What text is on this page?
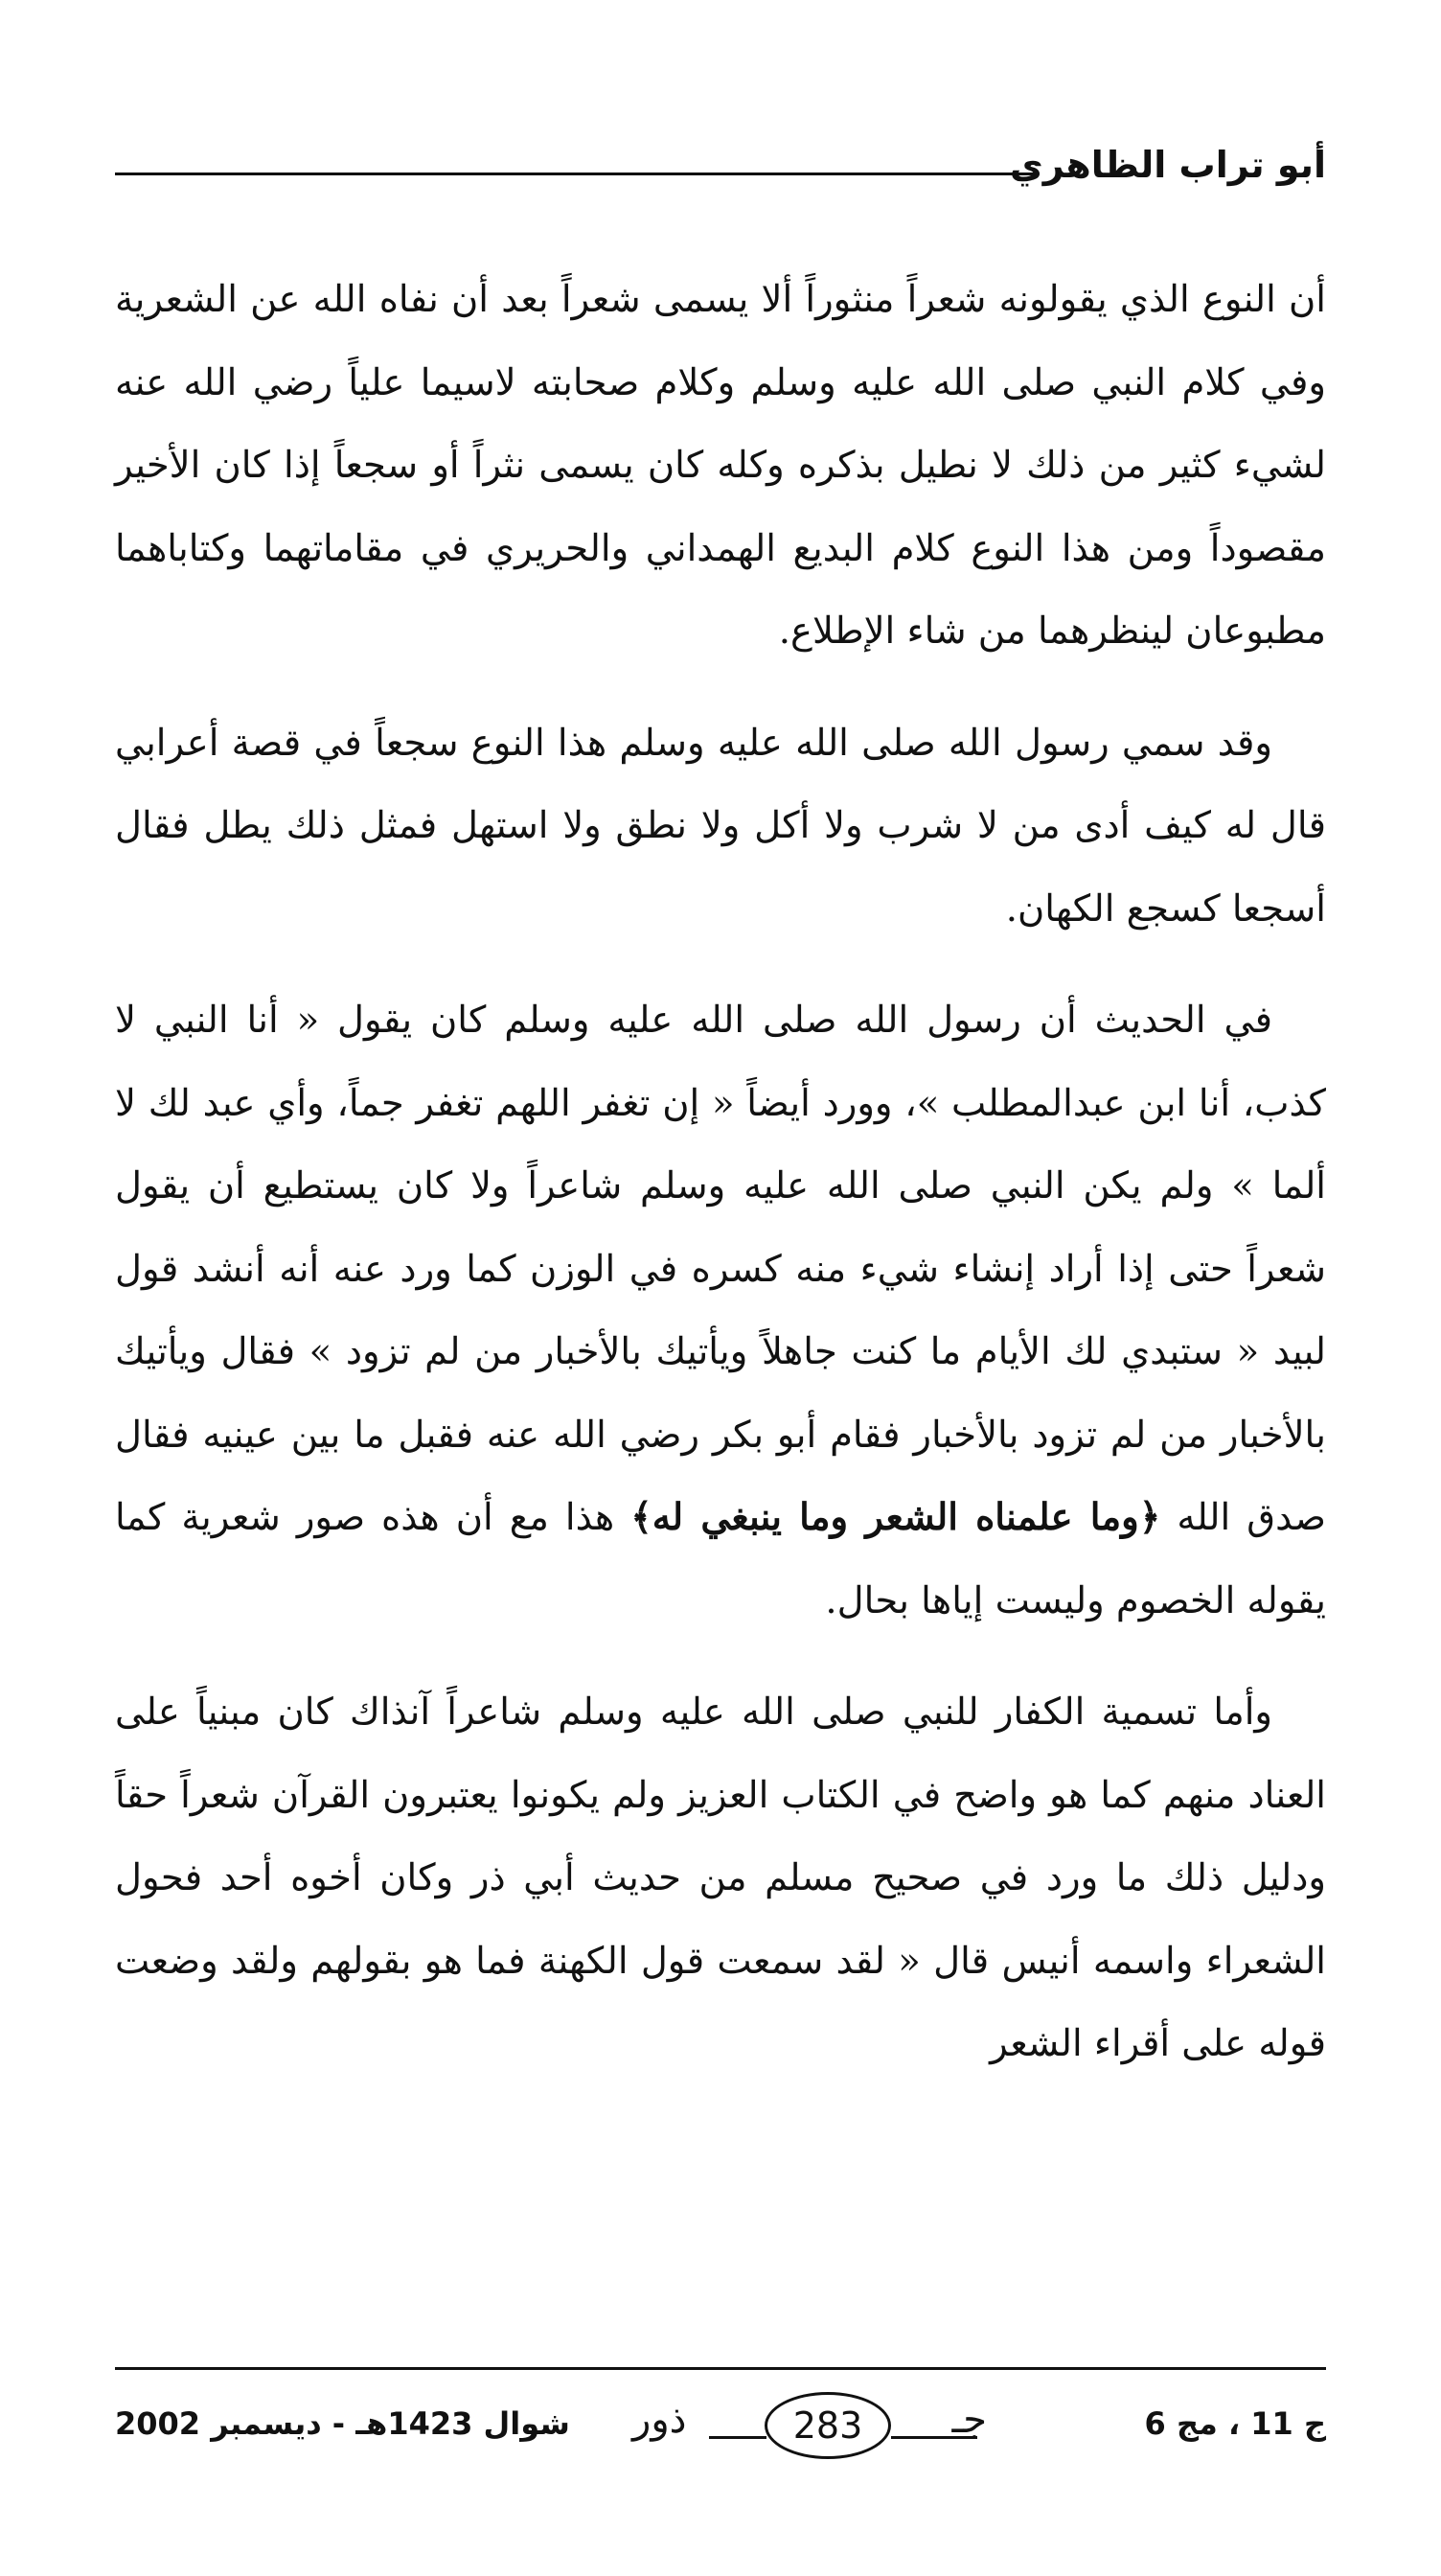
أبو تراب الظاهري

أن النوع الذي يقولونه شعراً منثوراً ألا يسمى شعراً بعد أن نفاه الله عن الشعرية وفي كلام النبي صلى الله عليه وسلم وكلام صحابته لاسيما علياً رضي الله عنه لشيء كثير من ذلك لا نطيل بذكره وكله كان يسمى نثراً أو سجعاً إذا كان الأخير مقصوداً ومن هذا النوع كلام البديع الهمداني والحريري في مقاماتهما وكتاباهما مطبوعان لينظرهما من شاء الإطلاع.

وقد سمي رسول الله صلى الله عليه وسلم هذا النوع سجعاً في قصة أعرابي قال له كيف أدى من لا شرب ولا أكل ولا نطق ولا استهل فمثل ذلك يطل فقال أسجعا كسجع الكهان.

في الحديث أن رسول الله صلى الله عليه وسلم كان يقول « أنا النبي لا كذب، أنا ابن عبدالمطلب »، وورد أيضاً « إن تغفر اللهم تغفر جماً، وأي عبد لك لا ألما » ولم يكن النبي صلى الله عليه وسلم شاعراً ولا كان يستطيع أن يقول شعراً حتى إذا أراد إنشاء شيء منه كسره في الوزن كما ورد عنه أنه أنشد قول لبيد « ستبدي لك الأيام ما كنت جاهلاً ويأتيك بالأخبار من لم تزود » فقال ويأتيك بالأخبار من لم تزود بالأخبار فقام أبو بكر رضي الله عنه فقبل ما بين عينيه فقال صدق الله ﴿وما علمناه الشعر وما ينبغي له﴾ هذا مع أن هذه صور شعرية كما يقوله الخصوم وليست إياها بحال.

وأما تسمية الكفار للنبي صلى الله عليه وسلم شاعراً آنذاك كان مبنياً على العناد منهم كما هو واضح في الكتاب العزيز ولم يكونوا يعتبرون القرآن شعراً حقاً ودليل ذلك ما ورد في صحيح مسلم من حديث أبي ذر وكان أخوه أحد فحول الشعراء واسمه أنيس قال « لقد سمعت قول الكهنة فما هو بقولهم ولقد وضعت قوله على أقراء الشعر

ج 11 ، مج 6
ذور	283	جـ
شوال 1423هـ - ديسمبر 2002
